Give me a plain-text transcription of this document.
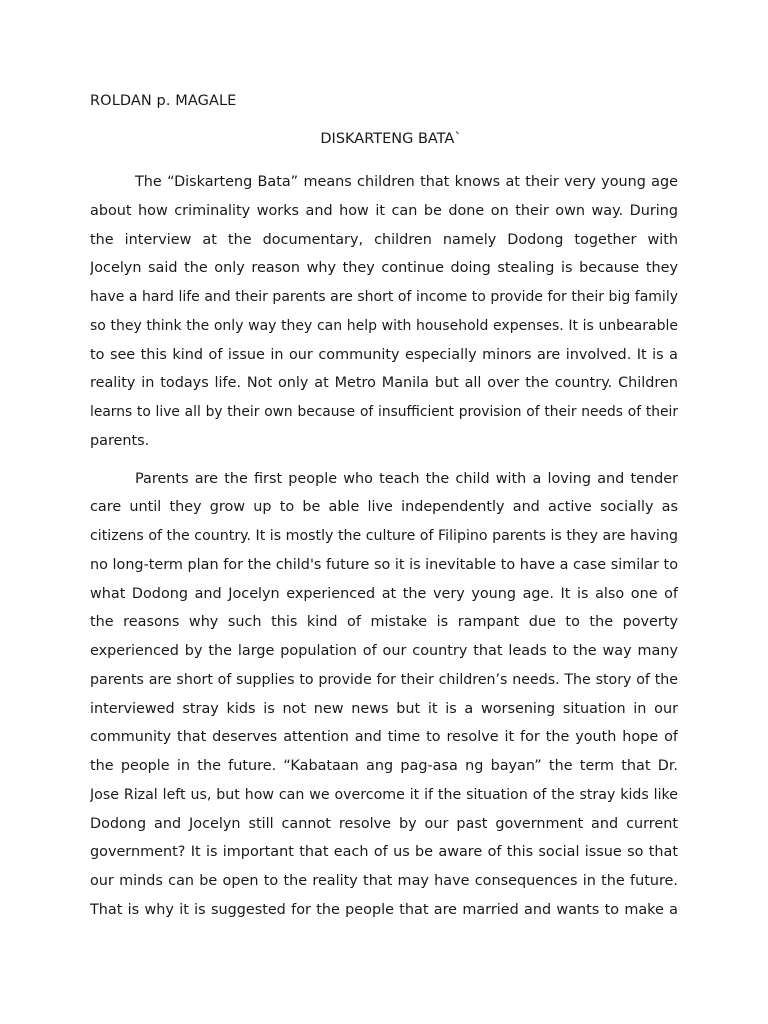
ROLDAN p. MAGALE
DISKARTENG BATA`
The “Diskarteng Bata” means children that knows at their very young age
about how criminality works and how it can be done on their own way. During
the interview at the documentary, children namely Dodong together with
Jocelyn said the only reason why they continue doing stealing is because they
have a hard life and their parents are short of income to provide for their big family
so they think the only way they can help with household expenses. It is unbearable
to see this kind of issue in our community especially minors are involved. It is a
reality in todays life. Not only at Metro Manila but all over the country. Children
learns to live all by their own because of insufficient provision of their needs of their
parents.
Parents are the first people who teach the child with a loving and tender
care until they grow up to be able live independently and active socially as
citizens of the country. It is mostly the culture of Filipino parents is they are having
no long-term plan for the child's future so it is inevitable to have a case similar to
what Dodong and Jocelyn experienced at the very young age. It is also one of
the reasons why such this kind of mistake is rampant due to the poverty
experienced by the large population of our country that leads to the way many
parents are short of supplies to provide for their children’s needs. The story of the
interviewed stray kids is not new news but it is a worsening situation in our
community that deserves attention and time to resolve it for the youth hope of
the people in the future. “Kabataan ang pag-asa ng bayan” the term that Dr.
Jose Rizal left us, but how can we overcome it if the situation of the stray kids like
Dodong and Jocelyn still cannot resolve by our past government and current
government? It is important that each of us be aware of this social issue so that
our minds can be open to the reality that may have consequences in the future.
That is why it is suggested for the people that are married and wants to make a
